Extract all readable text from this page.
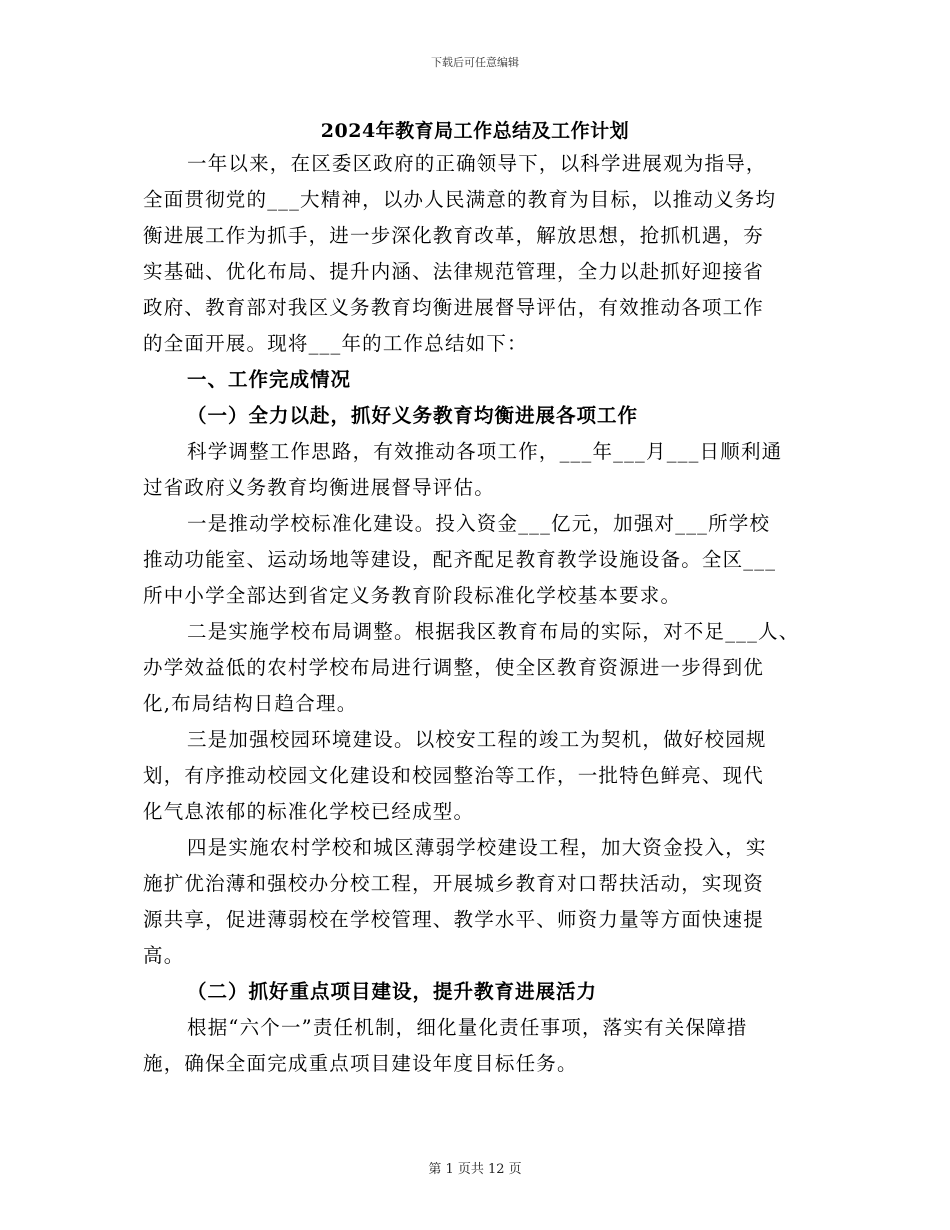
下载后可任意编辑
2024年教育局工作总结及工作计划
一年以来，在区委区政府的正确领导下，以科学进展观为指导，
全面贯彻党的___大精神，以办人民满意的教育为目标，以推动义务均
衡进展工作为抓手，进一步深化教育改革，解放思想，抢抓机遇，夯
实基础、优化布局、提升内涵、法律规范管理，全力以赴抓好迎接省
政府、教育部对我区义务教育均衡进展督导评估，有效推动各项工作
的全面开展。现将___年的工作总结如下：
一、工作完成情况
（一）全力以赴，抓好义务教育均衡进展各项工作
科学调整工作思路，有效推动各项工作，___年___月___日顺利通
过省政府义务教育均衡进展督导评估。
一是推动学校标准化建设。投入资金___亿元，加强对___所学校
推动功能室、运动场地等建设，配齐配足教育教学设施设备。全区___
所中小学全部达到省定义务教育阶段标准化学校基本要求。
二是实施学校布局调整。根据我区教育布局的实际，对不足___人、
办学效益低的农村学校布局进行调整，使全区教育资源进一步得到优
化,布局结构日趋合理。
三是加强校园环境建设。以校安工程的竣工为契机，做好校园规
划，有序推动校园文化建设和校园整治等工作，一批特色鲜亮、现代
化气息浓郁的标准化学校已经成型。
四是实施农村学校和城区薄弱学校建设工程，加大资金投入，实
施扩优治薄和强校办分校工程，开展城乡教育对口帮扶活动，实现资
源共享，促进薄弱校在学校管理、教学水平、师资力量等方面快速提
高。
（二）抓好重点项目建设，提升教育进展活力
根据“六个一”责任机制，细化量化责任事项，落实有关保障措
施，确保全面完成重点项目建设年度目标任务。
第 1 页共 12 页
